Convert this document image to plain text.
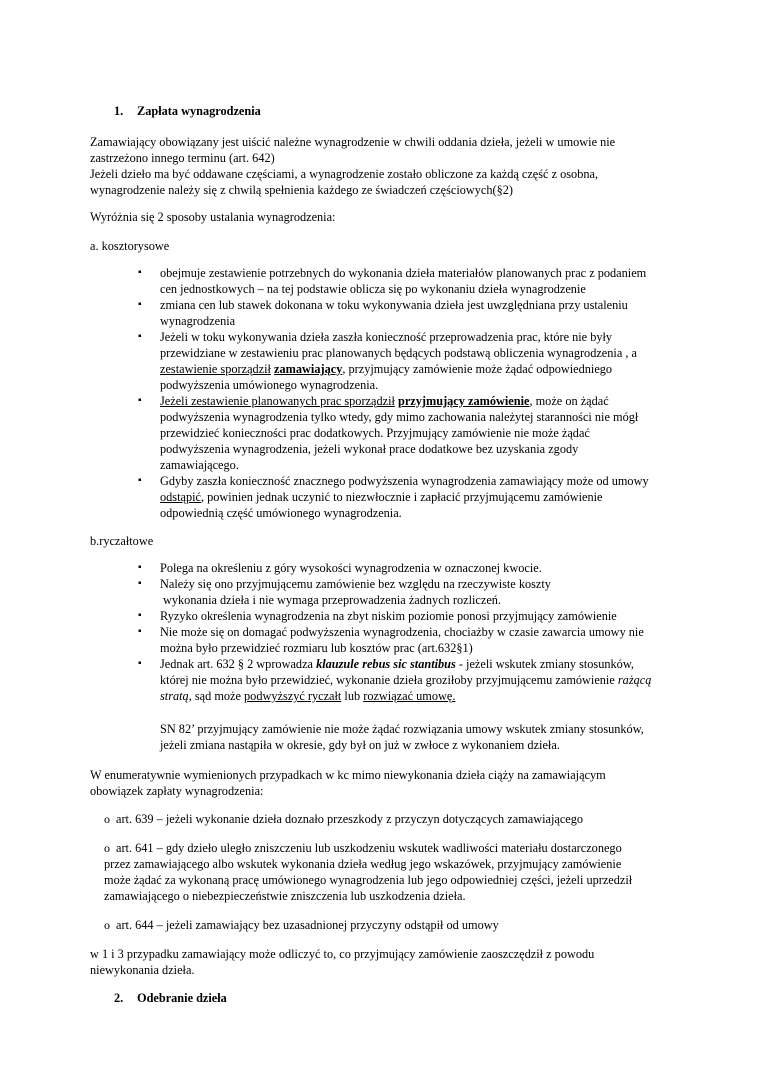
1. Zapłata wynagrodzenia
Zamawiający obowiązany jest uiścić należne wynagrodzenie w chwili oddania dzieła, jeżeli w umowie nie
zastrzeżono innego terminu (art. 642)
Jeżeli dzieło ma być oddawane częściami, a wynagrodzenie zostało obliczone za każdą część z osobna,
wynagrodzenie należy się z chwilą spełnienia każdego ze świadczeń częściowych(§2)
Wyróżnia się 2 sposoby ustalania wynagrodzenia:
a. kosztorysowe
▪ obejmuje zestawienie potrzebnych do wykonania dzieła materiałów planowanych prac z podaniem
cen jednostkowych – na tej podstawie oblicza się po wykonaniu dzieła wynagrodzenie
▪ zmiana cen lub stawek dokonana w toku wykonywania dzieła jest uwzględniana przy ustaleniu
wynagrodzenia
▪ Jeżeli w toku wykonywania dzieła zaszła konieczność przeprowadzenia prac, które nie były
przewidziane w zestawieniu prac planowanych będących podstawą obliczenia wynagrodzenia , a
zestawienie sporządził zamawiający, przyjmujący zamówienie może żądać odpowiedniego
podwyższenia umówionego wynagrodzenia.
▪ Jeżeli zestawienie planowanych prac sporządził przyjmujący zamówienie, może on żądać
podwyższenia wynagrodzenia tylko wtedy, gdy mimo zachowania należytej staranności nie mógł
przewidzieć konieczności prac dodatkowych. Przyjmujący zamówienie nie może żądać
podwyższenia wynagrodzenia, jeżeli wykonał prace dodatkowe bez uzyskania zgody
zamawiającego.
▪ Gdyby zaszła konieczność znacznego podwyższenia wynagrodzenia zamawiający może od umowy
odstąpić, powinien jednak uczynić to niezwłocznie i zapłacić przyjmującemu zamówienie
odpowiednią część umówionego wynagrodzenia.
b.ryczałtowe
▪ Polega na określeniu z góry wysokości wynagrodzenia w oznaczonej kwocie.
▪ Należy się ono przyjmującemu zamówienie bez względu na rzeczywiste koszty
wykonania dzieła i nie wymaga przeprowadzenia żadnych rozliczeń.
▪ Ryzyko określenia wynagrodzenia na zbyt niskim poziomie ponosi przyjmujący zamówienie
▪ Nie może się on domagać podwyższenia wynagrodzenia, chociażby w czasie zawarcia umowy nie
można było przewidzieć rozmiaru lub kosztów prac (art.632§1)
▪ Jednak art. 632 § 2 wprowadza klauzule rebus sic stantibus - jeżeli wskutek zmiany stosunków,
której nie można było przewidzieć, wykonanie dzieła groziłoby przyjmującemu zamówienie rażącą
stratą, sąd może podwyższyć ryczałt lub rozwiązać umowę.
SN 82’ przyjmujący zamówienie nie może żądać rozwiązania umowy wskutek zmiany stosunków,
jeżeli zmiana nastąpiła w okresie, gdy był on już w zwłoce z wykonaniem dzieła.
W enumeratywnie wymienionych przypadkach w kc mimo niewykonania dzieła ciąży na zamawiającym
obowiązek zapłaty wynagrodzenia:
o art. 639 – jeżeli wykonanie dzieła doznało przeszkody z przyczyn dotyczących zamawiającego
o art. 641 – gdy dzieło uległo zniszczeniu lub uszkodzeniu wskutek wadliwości materiału dostarczonego
przez zamawiającego albo wskutek wykonania dzieła według jego wskazówek, przyjmujący zamówienie
może żądać za wykonaną pracę umówionego wynagrodzenia lub jego odpowiedniej części, jeżeli uprzedził
zamawiającego o niebezpieczeństwie zniszczenia lub uszkodzenia dzieła.
o art. 644 – jeżeli zamawiający bez uzasadnionej przyczyny odstąpił od umowy
w 1 i 3 przypadku zamawiający może odliczyć to, co przyjmujący zamówienie zaoszczędził z powodu
niewykonania dzieła.
2. Odebranie dzieła
